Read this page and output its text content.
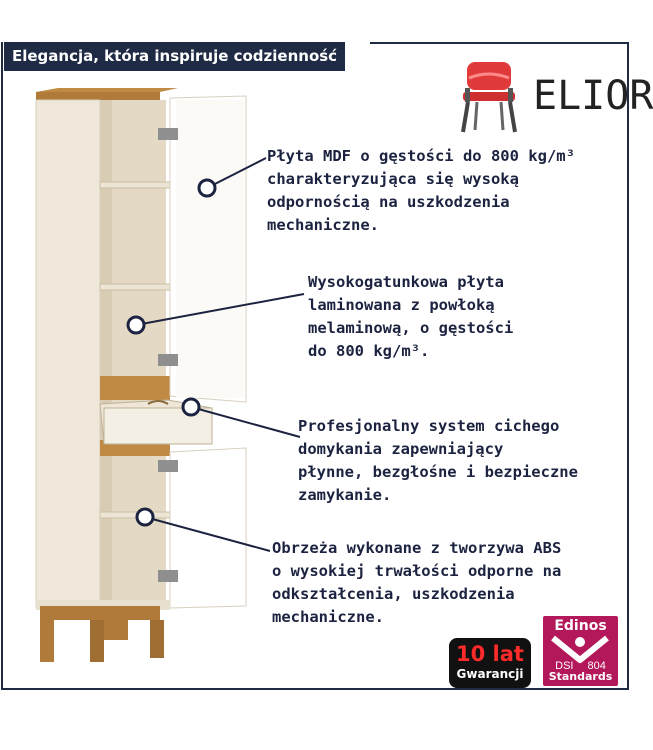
Elegancja, która inspiruje codzienność
ELIOR

Płyta MDF o gęstości do 800 kg/m³
charakteryzująca się wysoką
odpornością na uszkodzenia
mechaniczne.

Wysokogatunkowa płyta
laminowana z powłoką
melaminową, o gęstości
do 800 kg/m³.

Profesjonalny system cichego
domykania zapewniający
płynne, bezgłośne i bezpieczne
zamykanie.

Obrzeża wykonane z tworzywa ABS
o wysokiej trwałości odporne na
odkształcenia, uszkodzenia
mechaniczne.

10 lat
Gwarancji
Edinos
DSI 804
Standards
